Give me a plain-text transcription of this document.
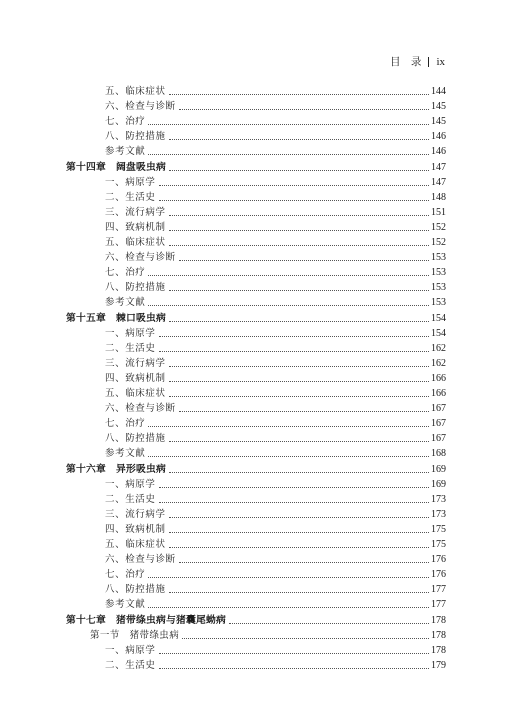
目　录 ix
五、临床症状	144
六、检查与诊断	145
七、治疗	145
八、防控措施	146
参考文献	146
第十四章　阔盘吸虫病	147
一、病原学	147
二、生活史	148
三、流行病学	151
四、致病机制	152
五、临床症状	152
六、检查与诊断	153
七、治疗	153
八、防控措施	153
参考文献	153
第十五章　棘口吸虫病	154
一、病原学	154
二、生活史	162
三、流行病学	162
四、致病机制	166
五、临床症状	166
六、检查与诊断	167
七、治疗	167
八、防控措施	167
参考文献	168
第十六章　异形吸虫病	169
一、病原学	169
二、生活史	173
三、流行病学	173
四、致病机制	175
五、临床症状	175
六、检查与诊断	176
七、治疗	176
八、防控措施	177
参考文献	177
第十七章　猪带绦虫病与猪囊尾蚴病	178
第一节　猪带绦虫病	178
一、病原学	178
二、生活史	179
